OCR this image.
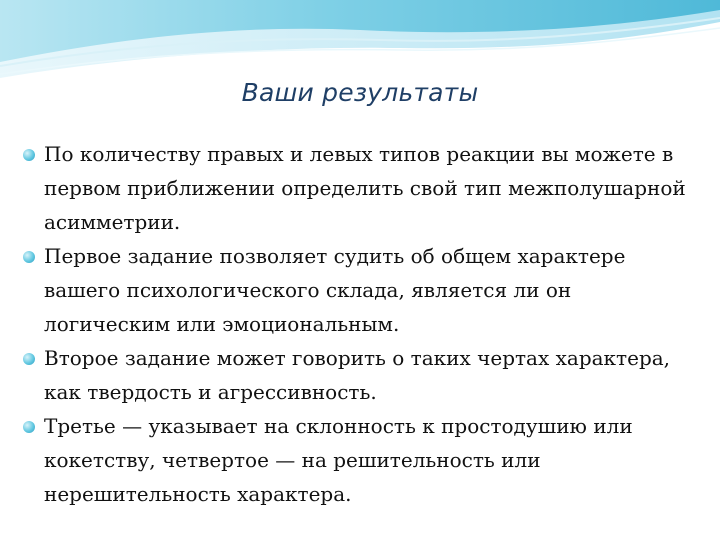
Ваши результаты
По количеству правых и левых типов реакции вы можете в первом приближении определить свой тип межполушарной асимметрии.
Первое задание позволяет судить об общем характере вашего психологического склада, является ли он логическим или эмоциональным.
Второе задание может говорить о таких чертах характера, как твердость и агрессивность.
Третье — указывает на склонность к простодушию или кокетству, четвертое — на решительность или нерешительность характера.
